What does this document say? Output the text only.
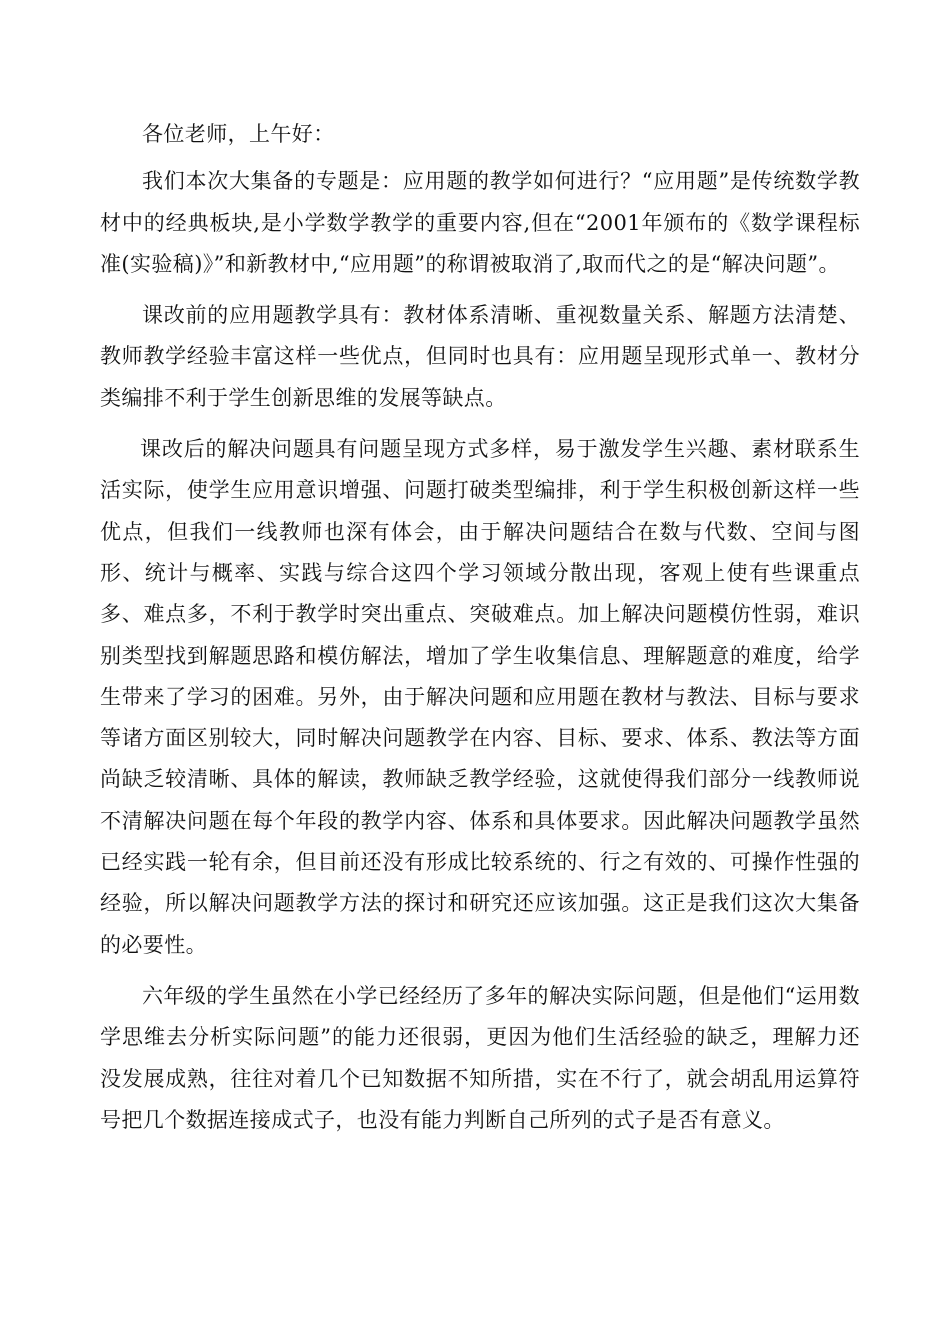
各位老师，上午好：

我们本次大集备的专题是：应用题的教学如何进行？“应用题”是传统数学教材中的经典板块,是小学数学教学的重要内容,但在“2001年颁布的《数学课程标准(实验稿)》”和新教材中,“应用题”的称谓被取消了,取而代之的是“解决问题”。

课改前的应用题教学具有：教材体系清晰、重视数量关系、解题方法清楚、教师教学经验丰富这样一些优点，但同时也具有：应用题呈现形式单一、教材分类编排不利于学生创新思维的发展等缺点。

课改后的解决问题具有问题呈现方式多样，易于激发学生兴趣、素材联系生活实际，使学生应用意识增强、问题打破类型编排，利于学生积极创新这样一些优点，但我们一线教师也深有体会，由于解决问题结合在数与代数、空间与图形、统计与概率、实践与综合这四个学习领域分散出现，客观上使有些课重点多、难点多，不利于教学时突出重点、突破难点。加上解决问题模仿性弱，难识别类型找到解题思路和模仿解法，增加了学生收集信息、理解题意的难度，给学生带来了学习的困难。另外，由于解决问题和应用题在教材与教法、目标与要求等诸方面区别较大，同时解决问题教学在内容、目标、要求、体系、教法等方面尚缺乏较清晰、具体的解读，教师缺乏教学经验，这就使得我们部分一线教师说不清解决问题在每个年段的教学内容、体系和具体要求。因此解决问题教学虽然已经实践一轮有余，但目前还没有形成比较系统的、行之有效的、可操作性强的经验，所以解决问题教学方法的探讨和研究还应该加强。这正是我们这次大集备的必要性。

六年级的学生虽然在小学已经经历了多年的解决实际问题，但是他们“运用数学思维去分析实际问题”的能力还很弱，更因为他们生活经验的缺乏，理解力还没发展成熟，往往对着几个已知数据不知所措，实在不行了，就会胡乱用运算符号把几个数据连接成式子，也没有能力判断自己所列的式子是否有意义。
